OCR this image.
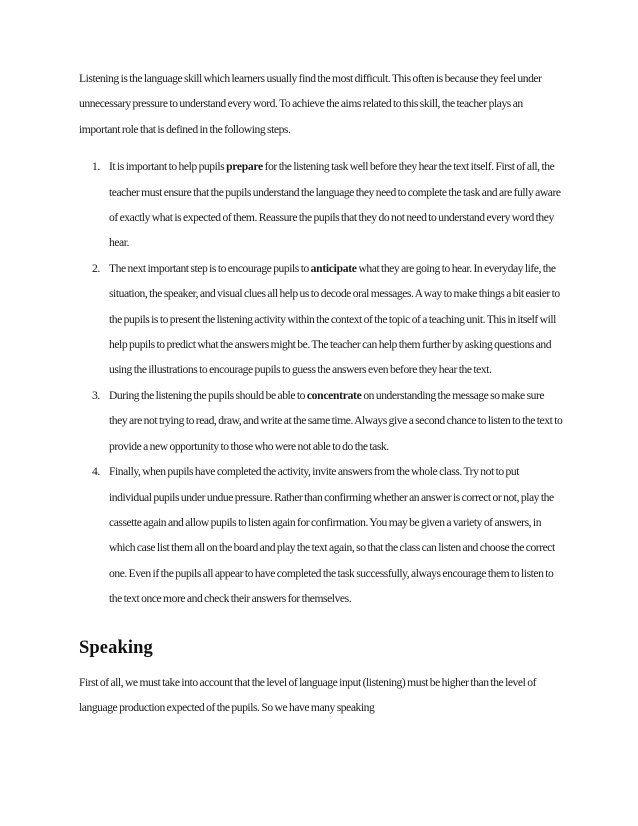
Listening is the language skill which learners usually find the most difficult. This often is because they feel under unnecessary pressure to understand every word. To achieve the aims related to this skill, the teacher plays an important role that is defined in the following steps.

1. It is important to help pupils prepare for the listening task well before they hear the text itself. First of all, the teacher must ensure that the pupils understand the language they need to complete the task and are fully aware of exactly what is expected of them. Reassure the pupils that they do not need to understand every word they hear.
2. The next important step is to encourage pupils to anticipate what they are going to hear. In everyday life, the situation, the speaker, and visual clues all help us to decode oral messages. A way to make things a bit easier to the pupils is to present the listening activity within the context of the topic of a teaching unit. This in itself will help pupils to predict what the answers might be. The teacher can help them further by asking questions and using the illustrations to encourage pupils to guess the answers even before they hear the text.
3. During the listening the pupils should be able to concentrate on understanding the message so make sure they are not trying to read, draw, and write at the same time. Always give a second chance to listen to the text to provide a new opportunity to those who were not able to do the task.
4. Finally, when pupils have completed the activity, invite answers from the whole class. Try not to put individual pupils under undue pressure. Rather than confirming whether an answer is correct or not, play the cassette again and allow pupils to listen again for confirmation. You may be given a variety of answers, in which case list them all on the board and play the text again, so that the class can listen and choose the correct one. Even if the pupils all appear to have completed the task successfully, always encourage them to listen to the text once more and check their answers for themselves.
Speaking

First of all, we must take into account that the level of language input (listening) must be higher than the level of language production expected of the pupils. So we have many speaking
